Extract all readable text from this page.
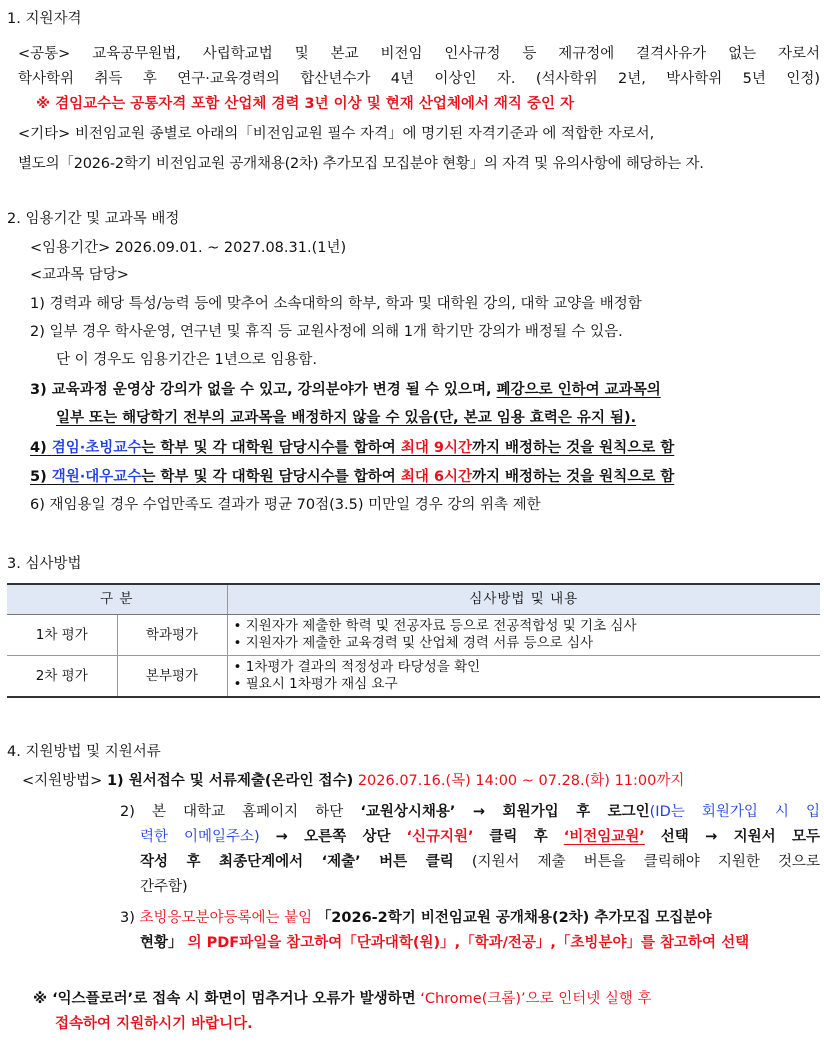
1. 지원자격
<공통> 교육공무원법, 사립학교법 및 본교 비전임 인사규정 등 제규정에 결격사유가 없는 자로서
학사학위 취득 후 연구·교육경력의 합산년수가 4년 이상인 자. (석사학위 2년, 박사학위 5년 인정)
※ 겸임교수는 공통자격 포함 산업체 경력 3년 이상 및 현재 산업체에서 재직 중인 자
<기타> 비전임교원 종별로 아래의「비전임교원 필수 자격」에 명기된 자격기준과 에 적합한 자로서,
별도의「2026-2학기 비전임교원 공개채용(2차) 추가모집 모집분야 현황」의 자격 및 유의사항에 해당하는 자.
2. 임용기간 및 교과목 배정
<임용기간> 2026.09.01. ~ 2027.08.31.(1년)
<교과목 담당>
1) 경력과 해당 특성/능력 등에 맞추어 소속대학의 학부, 학과 및 대학원 강의, 대학 교양을 배정함
2) 일부 경우 학사운영, 연구년 및 휴직 등 교원사정에 의해 1개 학기만 강의가 배정될 수 있음.
단 이 경우도 임용기간은 1년으로 임용함.
3) 교육과정 운영상 강의가 없을 수 있고, 강의분야가 변경 될 수 있으며, 폐강으로 인하여 교과목의
일부 또는 해당학기 전부의 교과목을 배정하지 않을 수 있음(단, 본교 임용 효력은 유지 됨).
4) 겸임·초빙교수는 학부 및 각 대학원 담당시수를 합하여 최대 9시간까지 배정하는 것을 원칙으로 함
5) 객원·대우교수는 학부 및 각 대학원 담당시수를 합하여 최대 6시간까지 배정하는 것을 원칙으로 함
6) 재임용일 경우 수업만족도 결과가 평균 70점(3.5) 미만일 경우 강의 위촉 제한
3. 심사방법
구 분		심사방법 및 내용
1차 평가	학과평가	• 지원자가 제출한 학력 및 전공자료 등으로 전공적합성 및 기초 심사
• 지원자가 제출한 교육경력 및 산업체 경력 서류 등으로 심사

2차 평가	본부평가	• 1차평가 결과의 적정성과 타당성을 확인
• 필요시 1차평가 재심 요구
4. 지원방법 및 지원서류
<지원방법> 1) 원서접수 및 서류제출(온라인 접수) 2026.07.16.(목) 14:00 ~ 07.28.(화) 11:00까지
2) 본 대학교 홈페이지 하단 ‘교원상시채용’ → 회원가입 후 로그인(ID는 회원가입 시 입
력한 이메일주소) → 오른쪽 상단 ‘신규지원’ 클릭 후 ‘비전임교원’ 선택 → 지원서 모두
작성 후 최종단계에서 ‘제출’ 버튼 클릭 (지원서 제출 버튼을 클릭해야 지원한 것으로
간주함)
3) 초빙응모분야등록에는 붙임 「2026-2학기 비전임교원 공개채용(2차) 추가모집 모집분야
현황」 의 PDF파일을 참고하여「단과대학(원)」,「학과/전공」,「초빙분야」를 참고하여 선택
※ ‘익스플로러’로 접속 시 화면이 멈추거나 오류가 발생하면 ‘Chrome(크롬)’으로 인터넷 실행 후
접속하여 지원하시기 바랍니다.
